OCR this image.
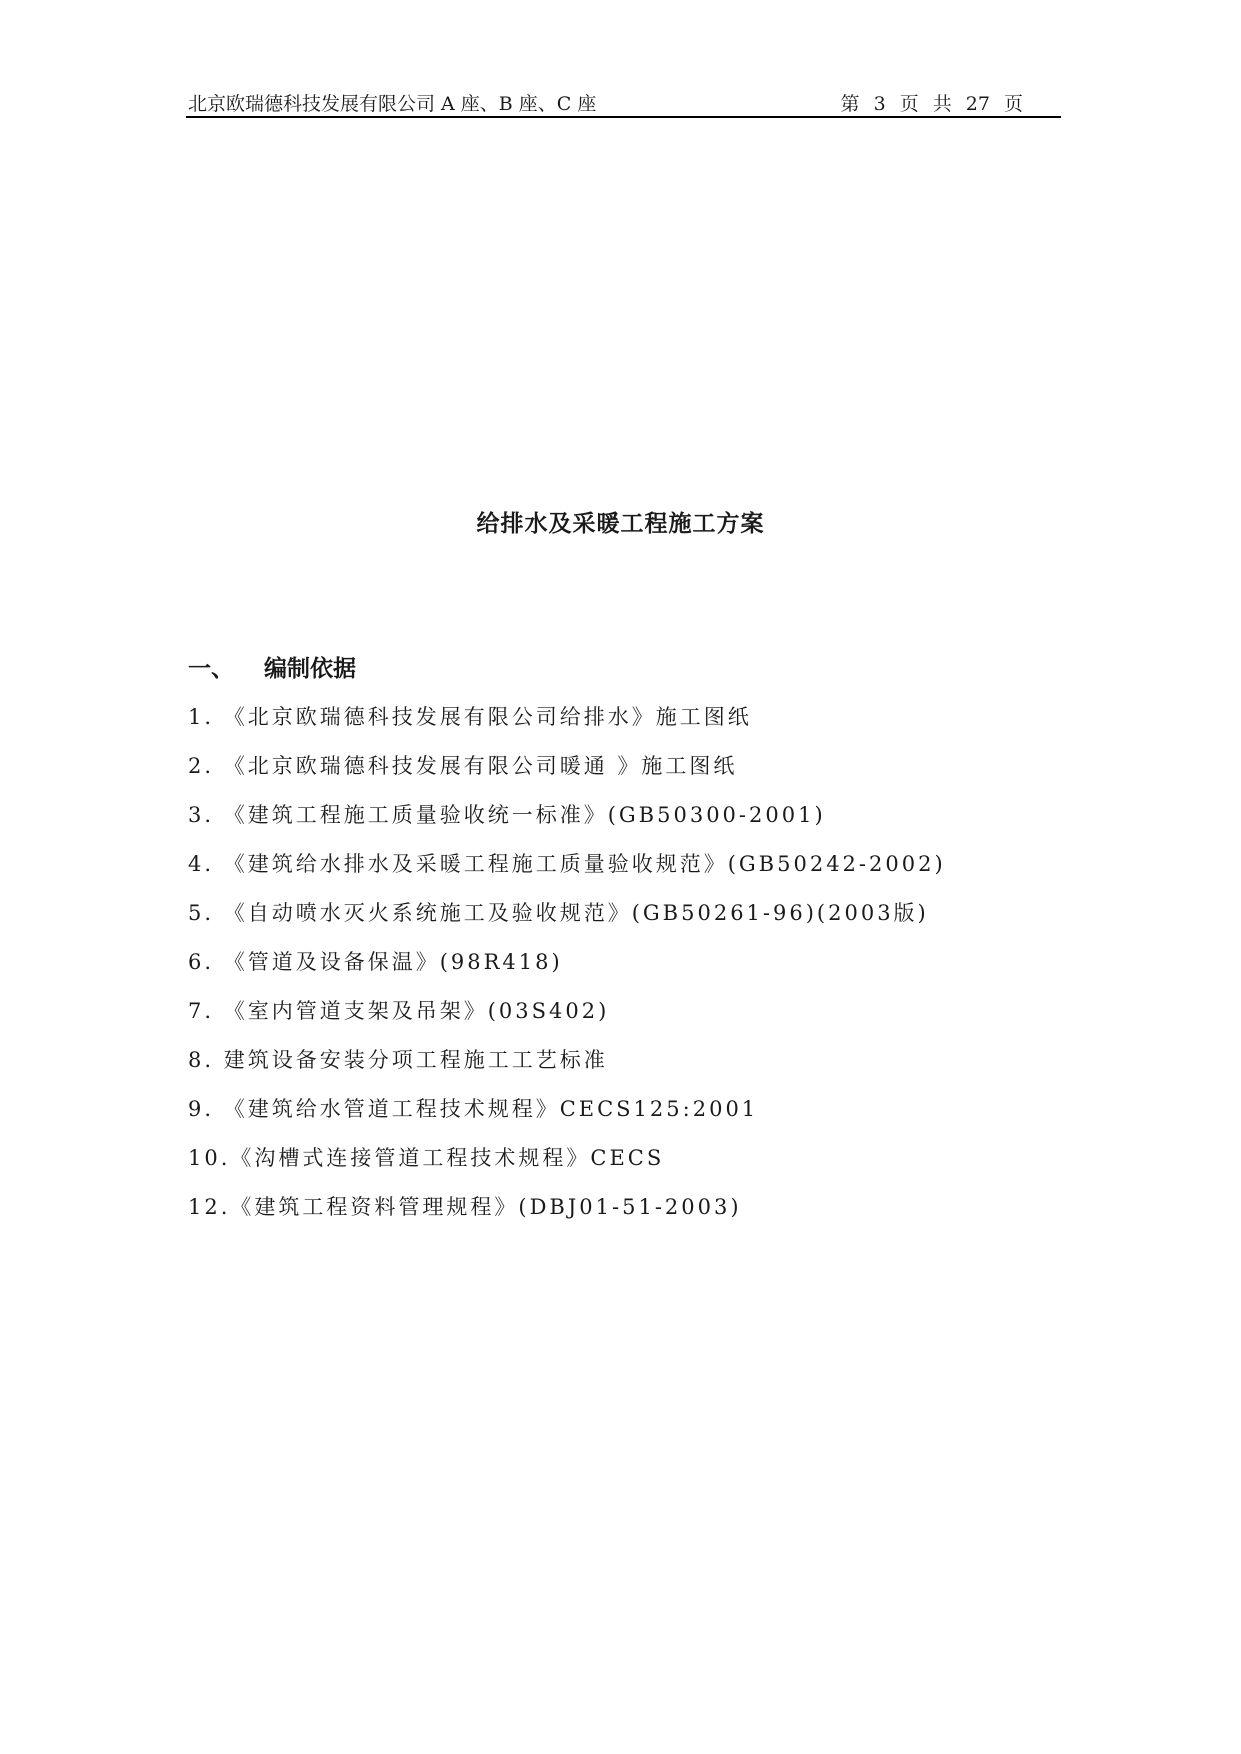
北京欧瑞德科技发展有限公司 A 座、B 座、C 座	第 3 页 共 27 页
给排水及采暖工程施工方案
一、 编制依据
1. 《北京欧瑞德科技发展有限公司给排水》施工图纸
2. 《北京欧瑞德科技发展有限公司暖通 》施工图纸
3. 《建筑工程施工质量验收统一标准》(GB50300-2001)
4. 《建筑给水排水及采暖工程施工质量验收规范》(GB50242-2002)
5. 《自动喷水灭火系统施工及验收规范》(GB50261-96)(2003版)
6. 《管道及设备保温》(98R418)
7. 《室内管道支架及吊架》(03S402)
8. 建筑设备安装分项工程施工工艺标准
9. 《建筑给水管道工程技术规程》CECS125:2001
10.《沟槽式连接管道工程技术规程》CECS
12.《建筑工程资料管理规程》(DBJ01-51-2003)
